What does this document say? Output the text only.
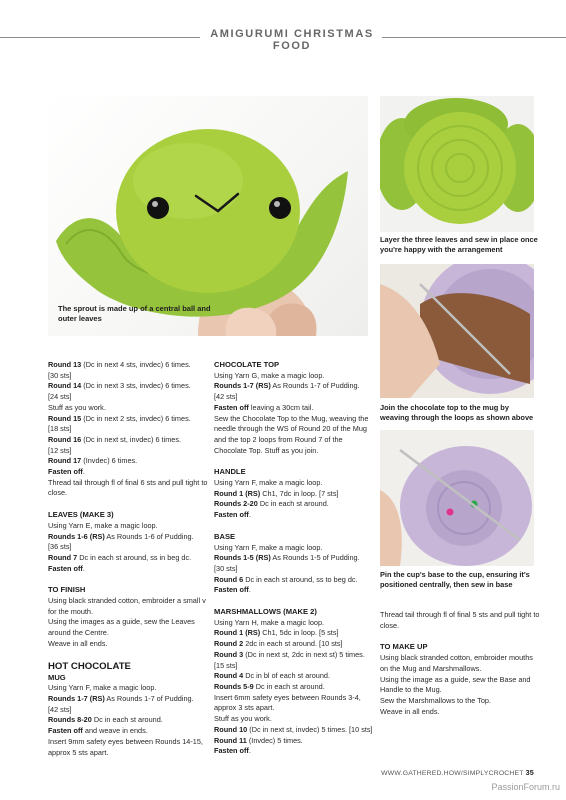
AMIGURUMI CHRISTMAS FOOD
The sprout is made up of a central ball and outer leaves
Layer the three leaves and sew in place once you're happy with the arrangement
Join the chocolate top to the mug by weaving through the loops as shown above
Pin the cup's base to the cup, ensuring it's positioned centrally, then sew in base

Round 13 (Dc in next 4 sts, invdec) 6 times.

[30 sts]

Round 14 (Dc in next 3 sts, invdec) 6 times.

[24 sts]

Stuff as you work.

Round 15 (Dc in next 2 sts, invdec) 6 times.

[18 sts]

Round 16 (Dc in next st, invdec) 6 times.

[12 sts]

Round 17 (Invdec) 6 times.

Fasten off.

Thread tail through fl of final 6 sts and pull tight to close.

LEAVES (MAKE 3)

Using Yarn E, make a magic loop.

Rounds 1-6 (RS) As Rounds 1-6 of Pudding.

[36 sts]

Round 7 Dc in each st around, ss in beg dc.

Fasten off.

TO FINISH

Using black stranded cotton, embroider a small v for the mouth.

Using the images as a guide, sew the Leaves around the Centre.

Weave in all ends.

HOT CHOCOLATE

MUG

Using Yarn F, make a magic loop.

Rounds 1-7 (RS) As Rounds 1-7 of Pudding.

[42 sts]

Rounds 8-20 Dc in each st around.

Fasten off and weave in ends.

Insert 9mm safety eyes between Rounds 14-15, approx 5 sts apart.

CHOCOLATE TOP

Using Yarn G, make a magic loop.

Rounds 1-7 (RS) As Rounds 1-7 of Pudding.

[42 sts]

Fasten off leaving a 30cm tail.

Sew the Chocolate Top to the Mug, weaving the needle through the WS of Round 20 of the Mug and the top 2 loops from Round 7 of the Chocolate Top. Stuff as you join.

HANDLE

Using Yarn F, make a magic loop.

Round 1 (RS) Ch1, 7dc in loop. [7 sts]

Rounds 2-20 Dc in each st around.

Fasten off.

BASE

Using Yarn F, make a magic loop.

Rounds 1-5 (RS) As Rounds 1-5 of Pudding.

[30 sts]

Round 6 Dc in each st around, ss to beg dc.

Fasten off.

MARSHMALLOWS (MAKE 2)

Using Yarn H, make a magic loop.

Round 1 (RS) Ch1, 5dc in loop. [5 sts]

Round 2 2dc in each st around. [10 sts]

Round 3 (Dc in next st, 2dc in next st) 5 times.

[15 sts]

Round 4 Dc in bl of each st around.

Rounds 5-9 Dc in each st around.

Insert 6mm safety eyes between Rounds 3-4, approx 3 sts apart.

Stuff as you work.

Round 10 (Dc in next st, invdec) 5 times. [10 sts]

Round 11 (Invdec) 5 times.

Fasten off.

Thread tail through fl of final 5 sts and pull tight to close.

TO MAKE UP

Using black stranded cotton, embroider mouths on the Mug and Marshmallows.

Using the image as a guide, sew the Base and Handle to the Mug.

Sew the Marshmallows to the Top.

Weave in all ends.

WWW.GATHERED.HOW/SIMPLYCROCHET 35
PassionForum.ru
